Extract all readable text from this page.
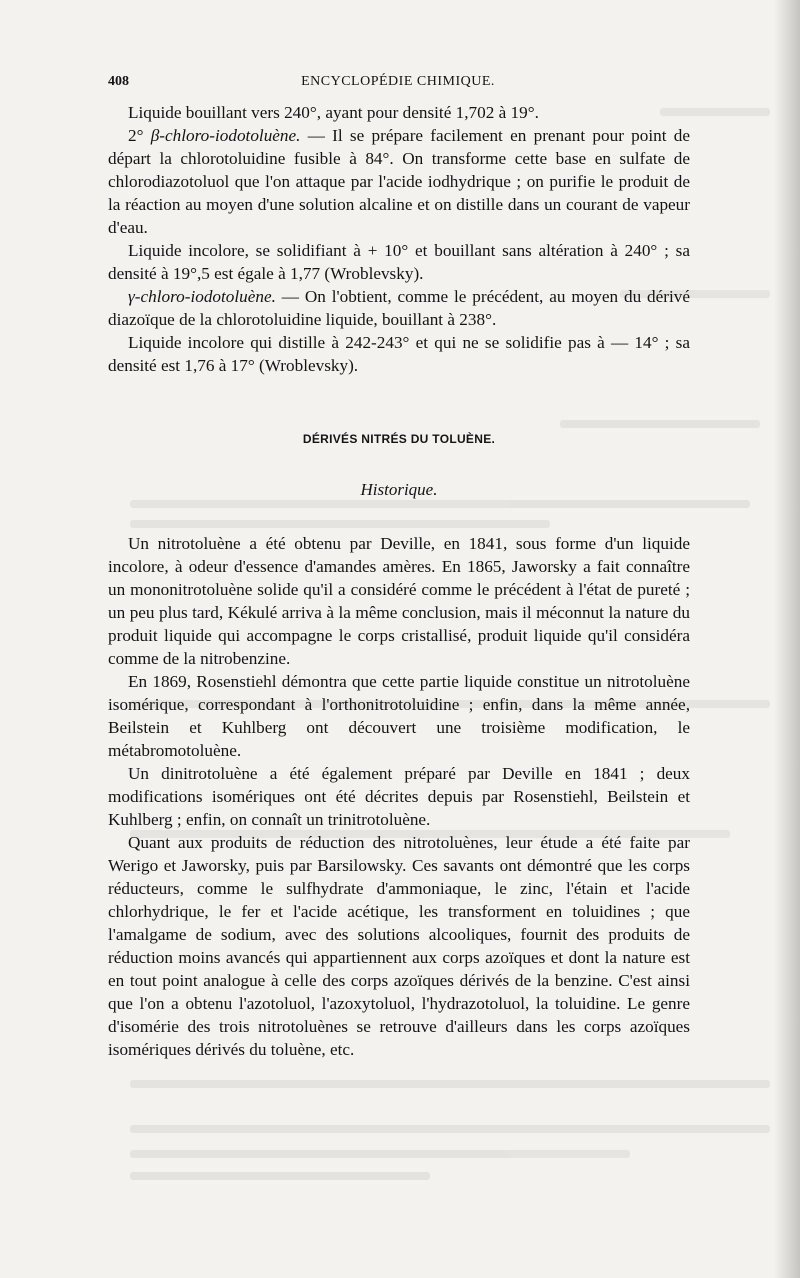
408	ENCYCLOPÉDIE CHIMIQUE.

Liquide bouillant vers 240°, ayant pour densité 1,702 à 19°.

2° β-chloro-iodotoluène. — Il se prépare facilement en prenant pour point de départ la chlorotoluidine fusible à 84°. On transforme cette base en sulfate de chlorodiazotoluol que l'on attaque par l'acide iodhydrique ; on purifie le produit de la réaction au moyen d'une solution alcaline et on distille dans un courant de vapeur d'eau.

Liquide incolore, se solidifiant à + 10° et bouillant sans altération à 240° ; sa densité à 19°,5 est égale à 1,77 (Wroblevsky).

γ-chloro-iodotoluène. — On l'obtient, comme le précédent, au moyen du dérivé diazoïque de la chlorotoluidine liquide, bouillant à 238°.

Liquide incolore qui distille à 242-243° et qui ne se solidifie pas à — 14° ; sa densité est 1,76 à 17° (Wroblevsky).

DÉRIVÉS NITRÉS DU TOLUÈNE.
Historique.

Un nitrotoluène a été obtenu par Deville, en 1841, sous forme d'un liquide incolore, à odeur d'essence d'amandes amères. En 1865, Jaworsky a fait connaître un mononitrotoluène solide qu'il a considéré comme le précédent à l'état de pureté ; un peu plus tard, Kékulé arriva à la même conclusion, mais il méconnut la nature du produit liquide qui accompagne le corps cristallisé, produit liquide qu'il considéra comme de la nitrobenzine.

En 1869, Rosenstiehl démontra que cette partie liquide constitue un nitrotoluène isomérique, correspondant à l'orthonitrotoluidine ; enfin, dans la même année, Beilstein et Kuhlberg ont découvert une troisième modification, le métabromotoluène.

Un dinitrotoluène a été également préparé par Deville en 1841 ; deux modifications isomériques ont été décrites depuis par Rosenstiehl, Beilstein et Kuhlberg ; enfin, on connaît un trinitrotoluène.

Quant aux produits de réduction des nitrotoluènes, leur étude a été faite par Werigo et Jaworsky, puis par Barsilowsky. Ces savants ont démontré que les corps réducteurs, comme le sulfhydrate d'ammoniaque, le zinc, l'étain et l'acide chlorhydrique, le fer et l'acide acétique, les transforment en toluidines ; que l'amalgame de sodium, avec des solutions alcooliques, fournit des produits de réduction moins avancés qui appartiennent aux corps azoïques et dont la nature est en tout point analogue à celle des corps azoïques dérivés de la benzine. C'est ainsi que l'on a obtenu l'azotoluol, l'azoxytoluol, l'hydrazotoluol, la toluidine. Le genre d'isomérie des trois nitrotoluènes se retrouve d'ailleurs dans les corps azoïques isomériques dérivés du toluène, etc.
